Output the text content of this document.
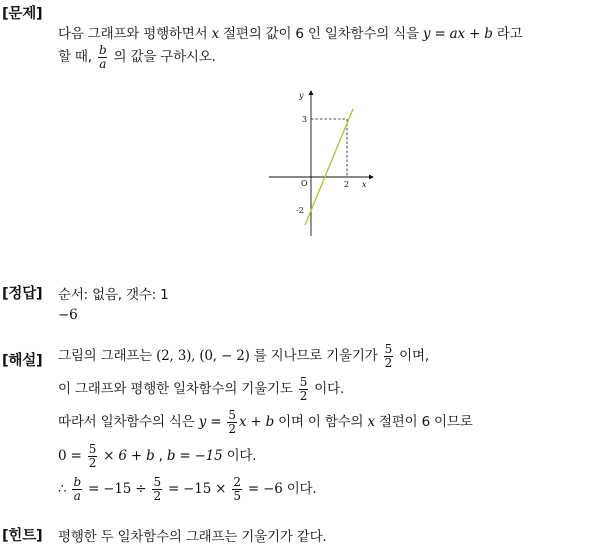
[문제]
다음 그래프와 평행하면서 x 절편의 값이 6 인 일차함수의 식을 y = ax + b 라고
할 때, $\frac{b}{a}$ 의 값을 구하시오.
y
x
O	2
3
-2
[정답] 순서: 없음, 갯수: 1
−6
[해설] 그림의 그래프는 (2, 3), (0, − 2) 를 지나므로 기울기가 $\frac{5}{2}$ 이며,
이 그래프와 평행한 일차함수의 기울기도 $\frac{5}{2}$ 이다.
따라서 일차함수의 식은 $y = \frac{5}{2}$ x + b 이며 이 함수의 x 절편이 6 이므로
$0 = \frac{5}{2} \times 6 + b$ , b = −15 이다.
∴ $\frac{b}{a} = -15 \div \frac{5}{2} = -15 \times \frac{2}{5} = -6$ 이다.
[힌트] 평행한 두 일차함수의 그래프는 기울기가 같다.
